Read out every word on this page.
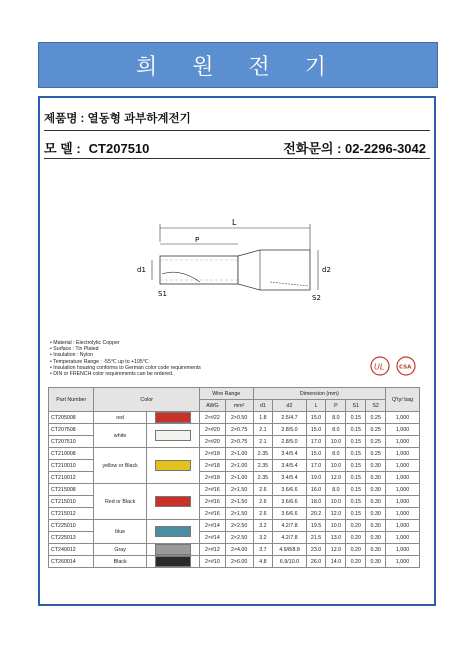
희 원 전 기
제품명 : 열동형 과부하계전기
모 델 : CT207510	전화문의 : 02-2296-3042
L
P
d1	d2
S1	S2
• Material : Electrolytic Copper
• Surface : Tin Plated
• Insulation : Nylon
• Temperature Range : -55℃ up to +105℃
• Insulation housing conforms to German color code requirements
• DIN or FRENCH color requirements can be ordered.
UL	CSA
Part Number	Color		Wire Range		Dimension (mm)						Q'ty/ bag
			AWG	mm²	d1	d2	L	P	S1	S2	
CT205008	red		2×#22	2×0.50	1.8	2.5/4.7	15.0	8.0	0.15	0.25	1,000
CT207508	white		2×#20	2×0.75	2.1	2.8/5.0	15.0	8.0	0.15	0.25	1,000
CT207510			2×#20	2×0.75	2.1	2.8/5.0	17.0	10.0	0.15	0.25	1,000
CT210008	yellow or Black		2×#18	2×1.00	2.35	3.4/5.4	15.0	8.0	0.15	0.25	1,000
CT210010			2×#18	2×1.00	2.35	3.4/5.4	17.0	10.0	0.15	0.30	1,000
CT210012			2×#18	2×1.00	2.35	3.4/5.4	19.0	12.0	0.15	0.30	1,000
CT215008	Red or Black		2×#16	2×1.50	2.6	3.6/6.6	16.0	8.0	0.15	0.30	1,000
CT215010			2×#16	2×1.50	2.6	3.6/6.6	18.0	10.0	0.15	0.30	1,000
CT215012			2×#16	2×1.50	2.6	3.6/6.6	20.2	12.0	0.15	0.30	1,000
CT225010	blue		2×#14	2×2.50	3.2	4.2/7.8	19.5	10.0	0.20	0.30	1,000
CT225013			2×#14	2×2.50	3.2	4.2/7.8	21.5	13.0	0.20	0.30	1,000
CT240012	Gray		2×#12	2×4.00	3.7	4.9/8/8.8	23.0	12.0	0.20	0.30	1,000
CT260014	Black		2×#10	2×6.00	4.8	6.9/10.0	26.0	14.0	0.20	0.30	1,000
